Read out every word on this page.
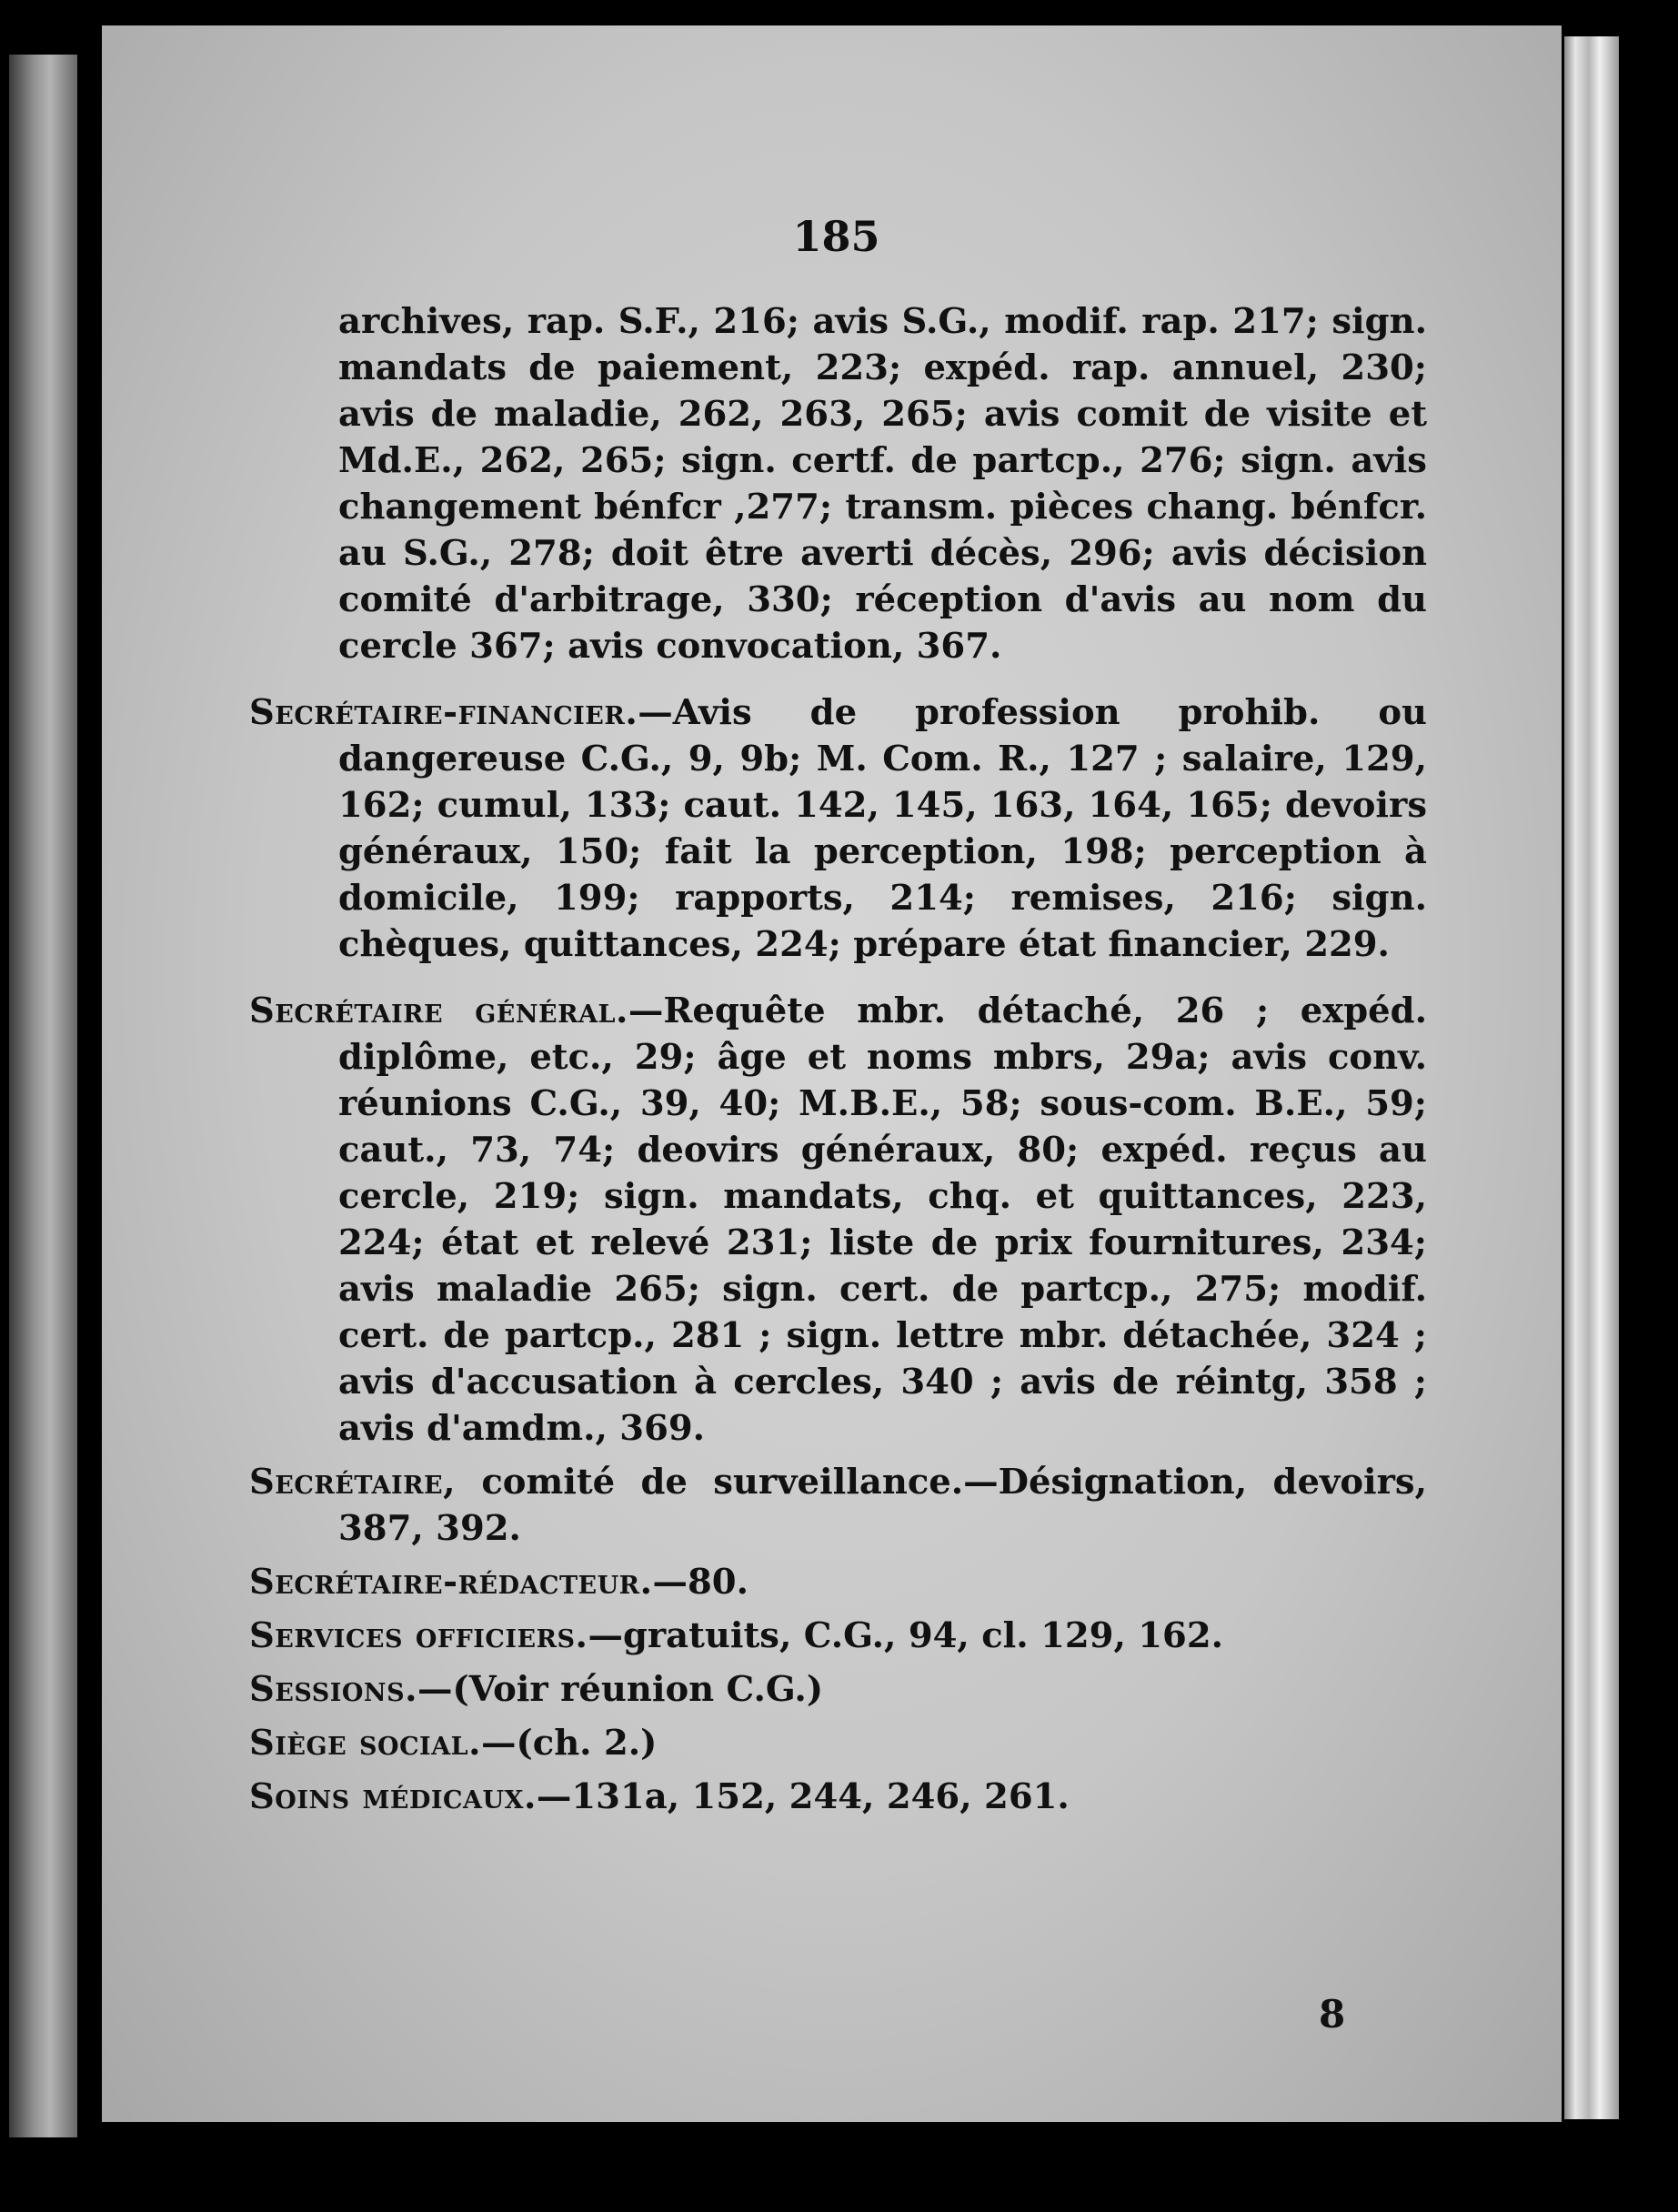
185

archives, rap. S.F., 216; avis S.G., modif. rap. 217; sign. mandats de paiement, 223; expéd. rap. annuel, 230; avis de maladie, 262, 263, 265; avis comit de visite et Md.E., 262, 265; sign. certf. de partcp., 276; sign. avis changement bénfcr ,277; transm. pièces chang. bénfcr. au S.G., 278; doit être averti décès, 296; avis décision comité d'arbitrage, 330; réception d'avis au nom du cercle 367; avis convocation, 367.

Secrétaire-financier.—Avis de profession prohib. ou dangereuse C.G., 9, 9b; M. Com. R., 127 ; salaire, 129, 162; cumul, 133; caut. 142, 145, 163, 164, 165; devoirs généraux, 150; fait la perception, 198; perception à domicile, 199; rapports, 214; remises, 216; sign. chèques, quittances, 224; prépare état financier, 229.

Secrétaire général.—Requête mbr. détaché, 26 ; expéd. diplôme, etc., 29; âge et noms mbrs, 29a; avis conv. réunions C.G., 39, 40; M.B.E., 58; sous-com. B.E., 59; caut., 73, 74; deovirs généraux, 80; expéd. reçus au cercle, 219; sign. mandats, chq. et quittances, 223, 224; état et relevé 231; liste de prix fournitures, 234; avis maladie 265; sign. cert. de partcp., 275; modif. cert. de partcp., 281 ; sign. lettre mbr. détachée, 324 ; avis d'accusation à cercles, 340 ; avis de réintg, 358 ; avis d'amdm., 369.

Secrétaire, comité de surveillance.—Désignation, devoirs, 387, 392.

Secrétaire-rédacteur.—80.

Services officiers.—gratuits, C.G., 94, cl. 129, 162.

Sessions.—(Voir réunion C.G.)

Siège social.—(ch. 2.)

Soins médicaux.—131a, 152, 244, 246, 261.

8
